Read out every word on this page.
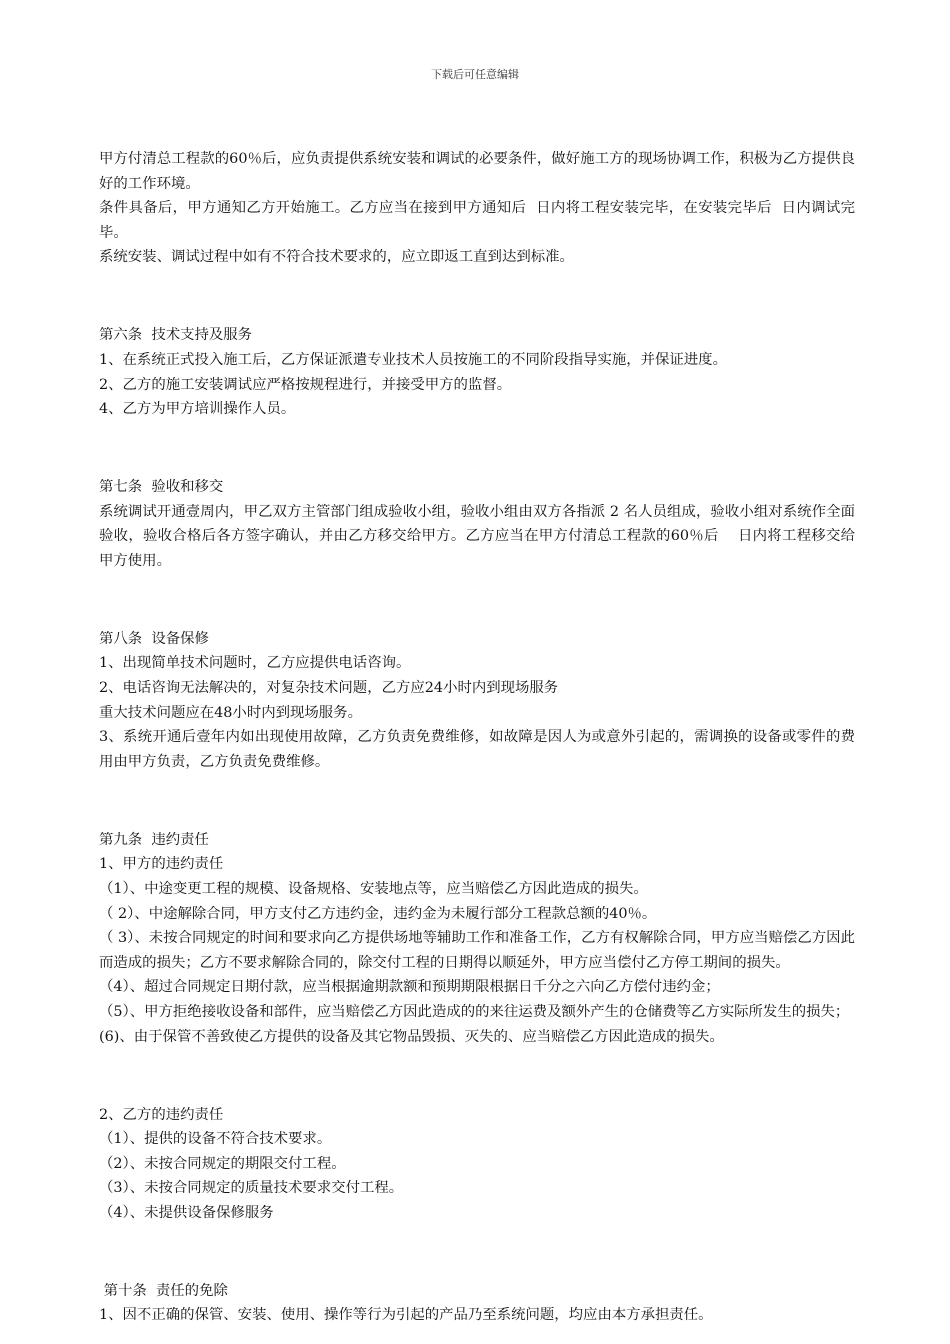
下载后可任意编辑

甲方付清总工程款的60％后，应负责提供系统安装和调试的必要条件，做好施工方的现场协调工作，积极为乙方提供良好的工作环境。

条件具备后，甲方通知乙方开始施工。乙方应当在接到甲方通知后  日内将工程安装完毕，在安装完毕后  日内调试完毕。

系统安装、调试过程中如有不符合技术要求的，应立即返工直到达到标准。

第六条  技术支持及服务

1、在系统正式投入施工后，乙方保证派遣专业技术人员按施工的不同阶段指导实施，并保证进度。

2、乙方的施工安装调试应严格按规程进行，并接受甲方的监督。

4、乙方为甲方培训操作人员。

第七条  验收和移交

系统调试开通壹周内，甲乙双方主管部门组成验收小组，验收小组由双方各指派 2 名人员组成，验收小组对系统作全面验收，验收合格后各方签字确认，并由乙方移交给甲方。乙方应当在甲方付清总工程款的60％后    日内将工程移交给甲方使用。

第八条  设备保修

1、出现简单技术问题时，乙方应提供电话咨询。

2、电话咨询无法解决的，对复杂技术问题，乙方应24小时内到现场服务

重大技术问题应在48小时内到现场服务。

3、系统开通后壹年内如出现使用故障，乙方负责免费维修，如故障是因人为或意外引起的，需调换的设备或零件的费用由甲方负责，乙方负责免费维修。

第九条  违约责任

1、甲方的违约责任

（1）、中途变更工程的规模、设备规格、安装地点等，应当赔偿乙方因此造成的损失。

（ 2）、中途解除合同，甲方支付乙方违约金，违约金为未履行部分工程款总额的40％。

（ 3）、未按合同规定的时间和要求向乙方提供场地等辅助工作和准备工作，乙方有权解除合同，甲方应当赔偿乙方因此而造成的损失；乙方不要求解除合同的，除交付工程的日期得以顺延外，甲方应当偿付乙方停工期间的损失。

（4）、超过合同规定日期付款，应当根据逾期款额和预期期限根据日千分之六向乙方偿付违约金；

（5）、甲方拒绝接收设备和部件，应当赔偿乙方因此造成的的来往运费及额外产生的仓储费等乙方实际所发生的损失；

(6)、由于保管不善致使乙方提供的设备及其它物品毁损、灭失的、应当赔偿乙方因此造成的损失。

2、乙方的违约责任

（1）、提供的设备不符合技术要求。

（2）、未按合同规定的期限交付工程。

（3）、未按合同规定的质量技术要求交付工程。

（4）、未提供设备保修服务

第十条  责任的免除

1、因不正确的保管、安装、使用、操作等行为引起的产品乃至系统问题，均应由本方承担责任。
